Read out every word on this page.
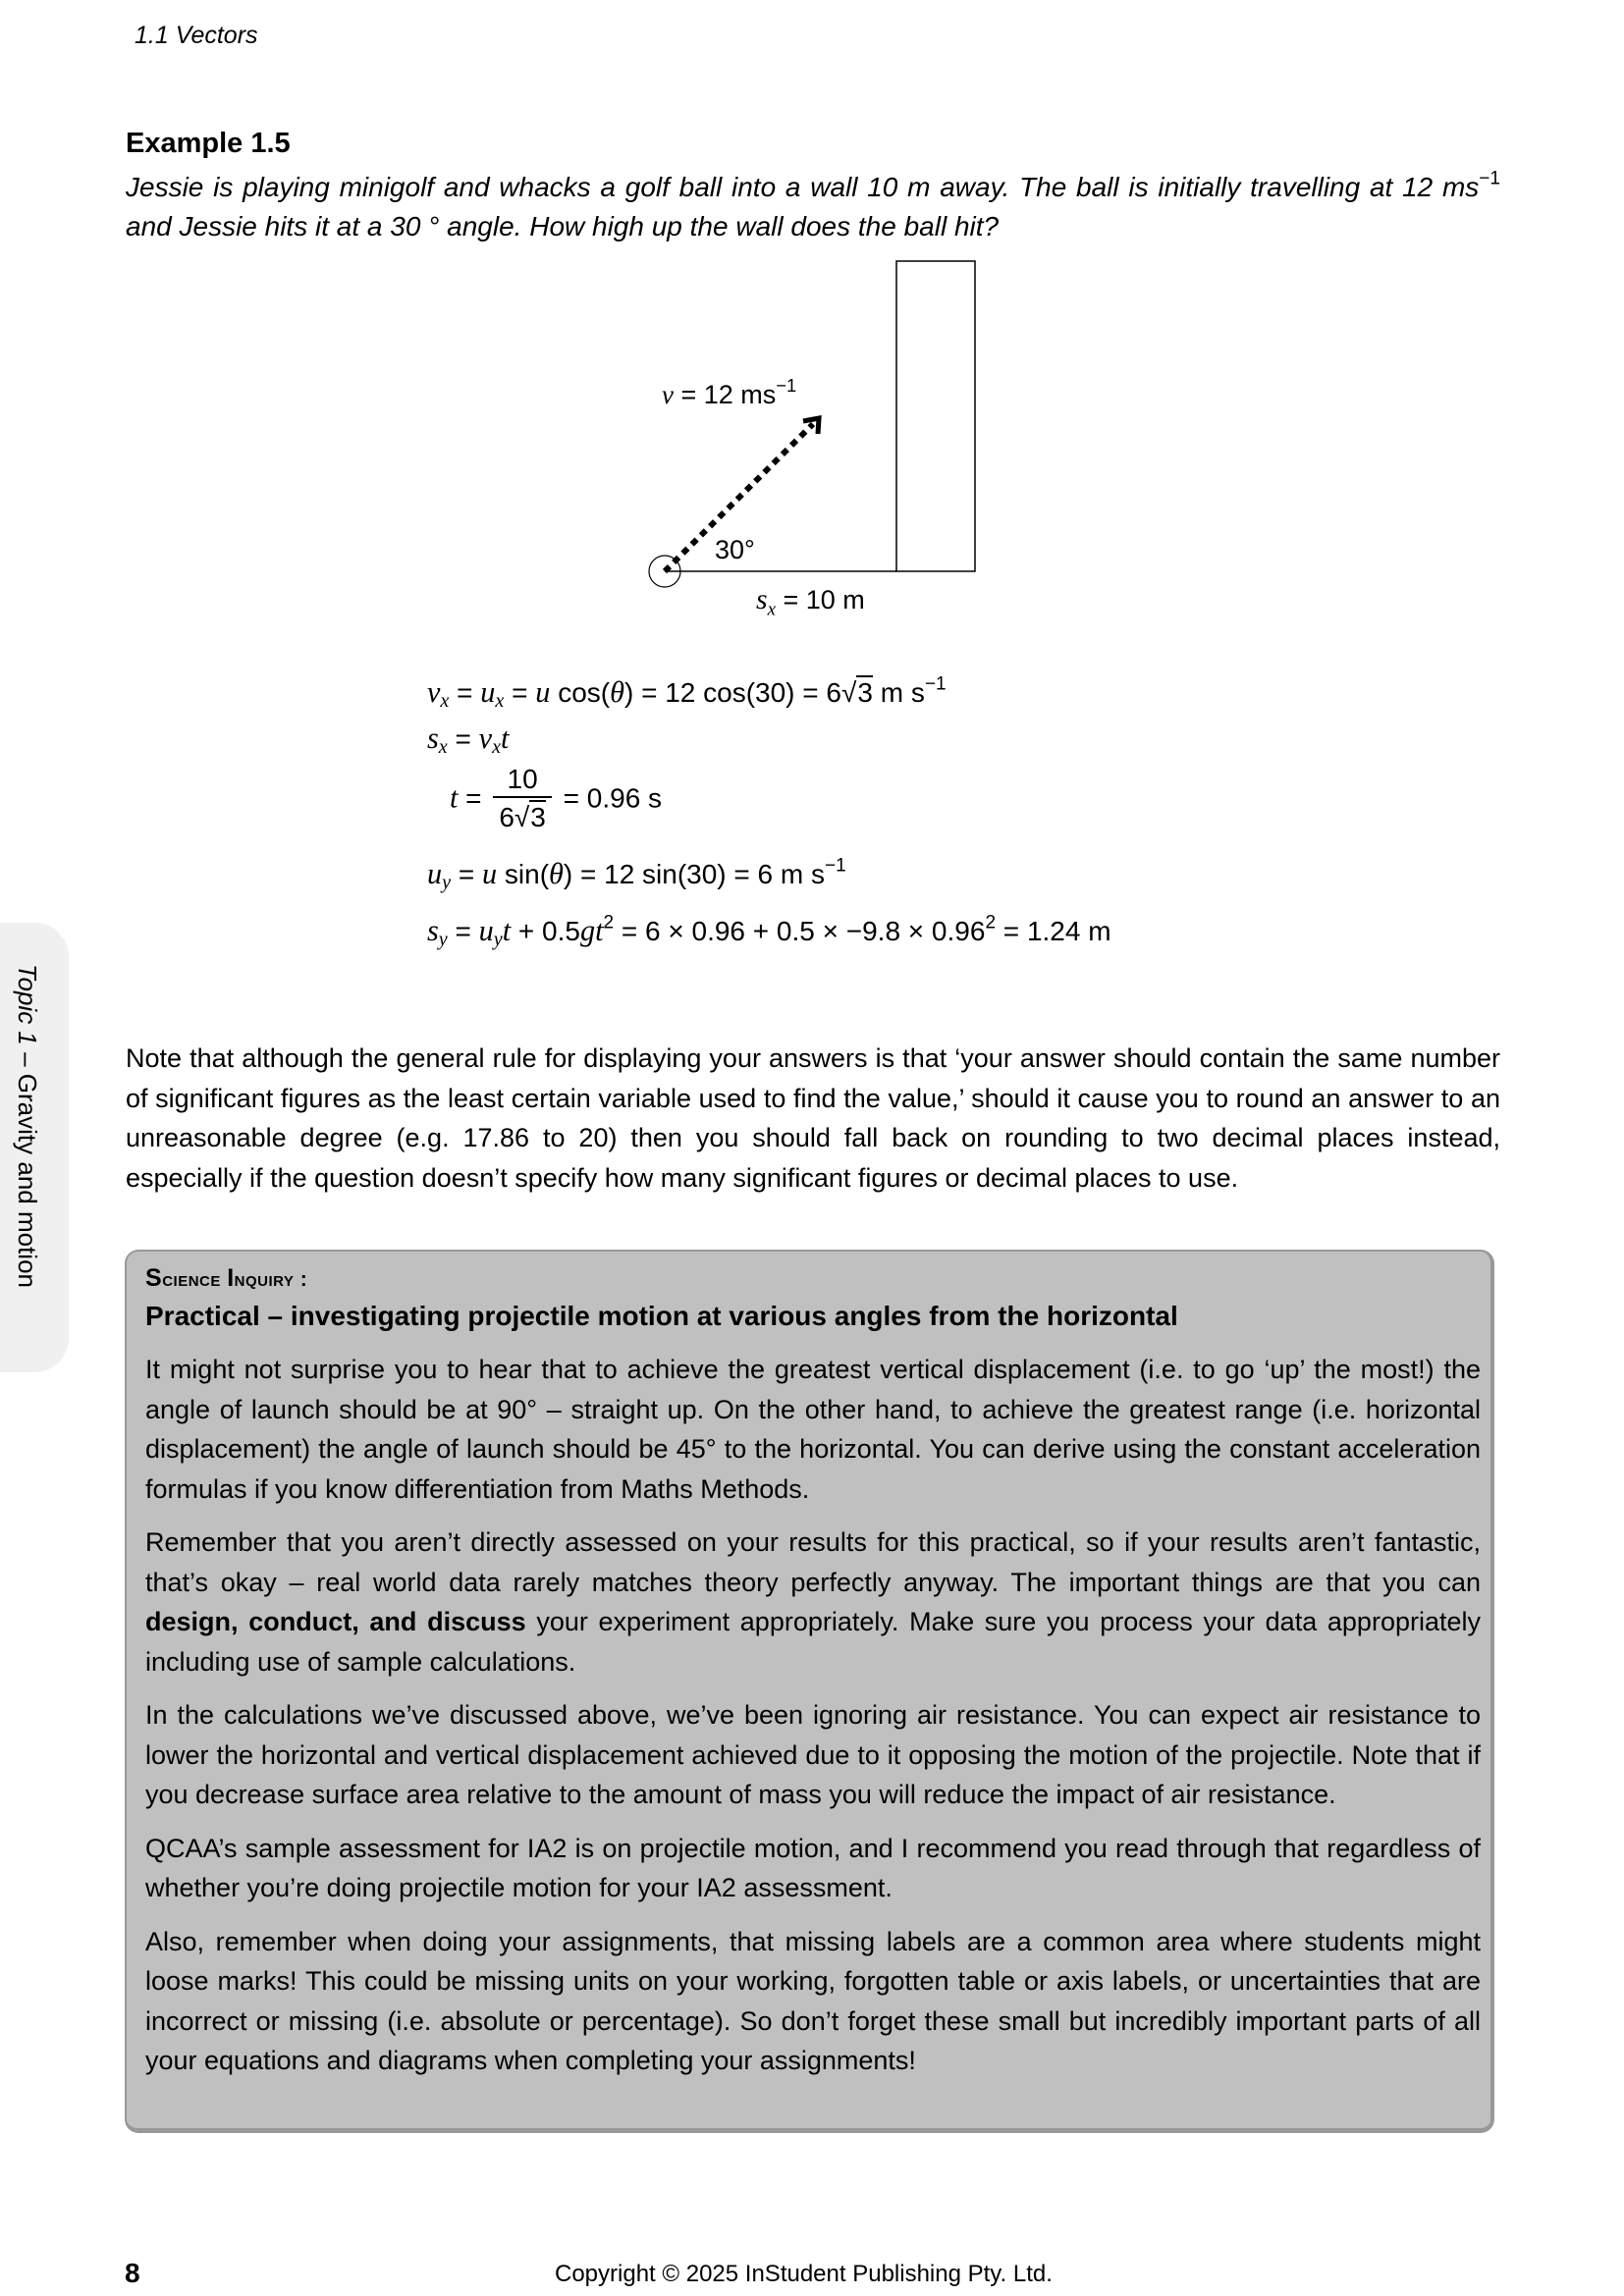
1.1 Vectors
Example 1.5
Jessie is playing minigolf and whacks a golf ball into a wall 10 m away. The ball is initially travelling at 12 $ms^{-1}$ and Jessie hits it at a 30 ° angle. How high up the wall does the ball hit?
v = 12 $ms^{-1}$
30°
$s_x = 10$ m
$v_x = u_x = u$ cos(θ) = 12 cos(30) = 6√3 m $s^{-1}$
$s_x = v_xt$
$t = \frac{10}{6√3} = 0.96$ s
$u_y = u$ sin(θ) = 12 sin(30) = 6 m $s^{-1}$
$s_y = u_yt + 0.5gt^2 = 6 \times 0.96 + 0.5 \times -9.8 \times 0.96^2 = 1.24$ m
Topic 1 – Gravity and motion
Note that although the general rule for displaying your answers is that ‘your answer should contain the same number of significant figures as the least certain variable used to find the value,’ should it cause you to round an answer to an unreasonable degree (e.g. 17.86 to 20) then you should fall back on rounding to two decimal places instead, especially if the question doesn’t specify how many significant figures or decimal places to use.
Science Inquiry :
Practical – investigating projectile motion at various angles from the horizontal

It might not surprise you to hear that to achieve the greatest vertical displacement (i.e. to go ‘up’ the most!) the angle of launch should be at 90° – straight up. On the other hand, to achieve the greatest range (i.e. horizontal displacement) the angle of launch should be 45° to the horizontal. You can derive using the constant acceleration formulas if you know differentiation from Maths Methods.

Remember that you aren’t directly assessed on your results for this practical, so if your results aren’t fantastic, that’s okay – real world data rarely matches theory perfectly anyway. The important things are that you can design, conduct, and discuss your experiment appropriately. Make sure you process your data appropriately including use of sample calculations.

In the calculations we’ve discussed above, we’ve been ignoring air resistance. You can expect air resistance to lower the horizontal and vertical displacement achieved due to it opposing the motion of the projectile. Note that if you decrease surface area relative to the amount of mass you will reduce the impact of air resistance.

QCAA’s sample assessment for IA2 is on projectile motion, and I recommend you read through that regardless of whether you’re doing projectile motion for your IA2 assessment.

Also, remember when doing your assignments, that missing labels are a common area where students might loose marks! This could be missing units on your working, forgotten table or axis labels, or uncertainties that are incorrect or missing (i.e. absolute or percentage). So don’t forget these small but incredibly important parts of all your equations and diagrams when completing your assignments!

8	Copyright © 2025 InStudent Publishing Pty. Ltd.
